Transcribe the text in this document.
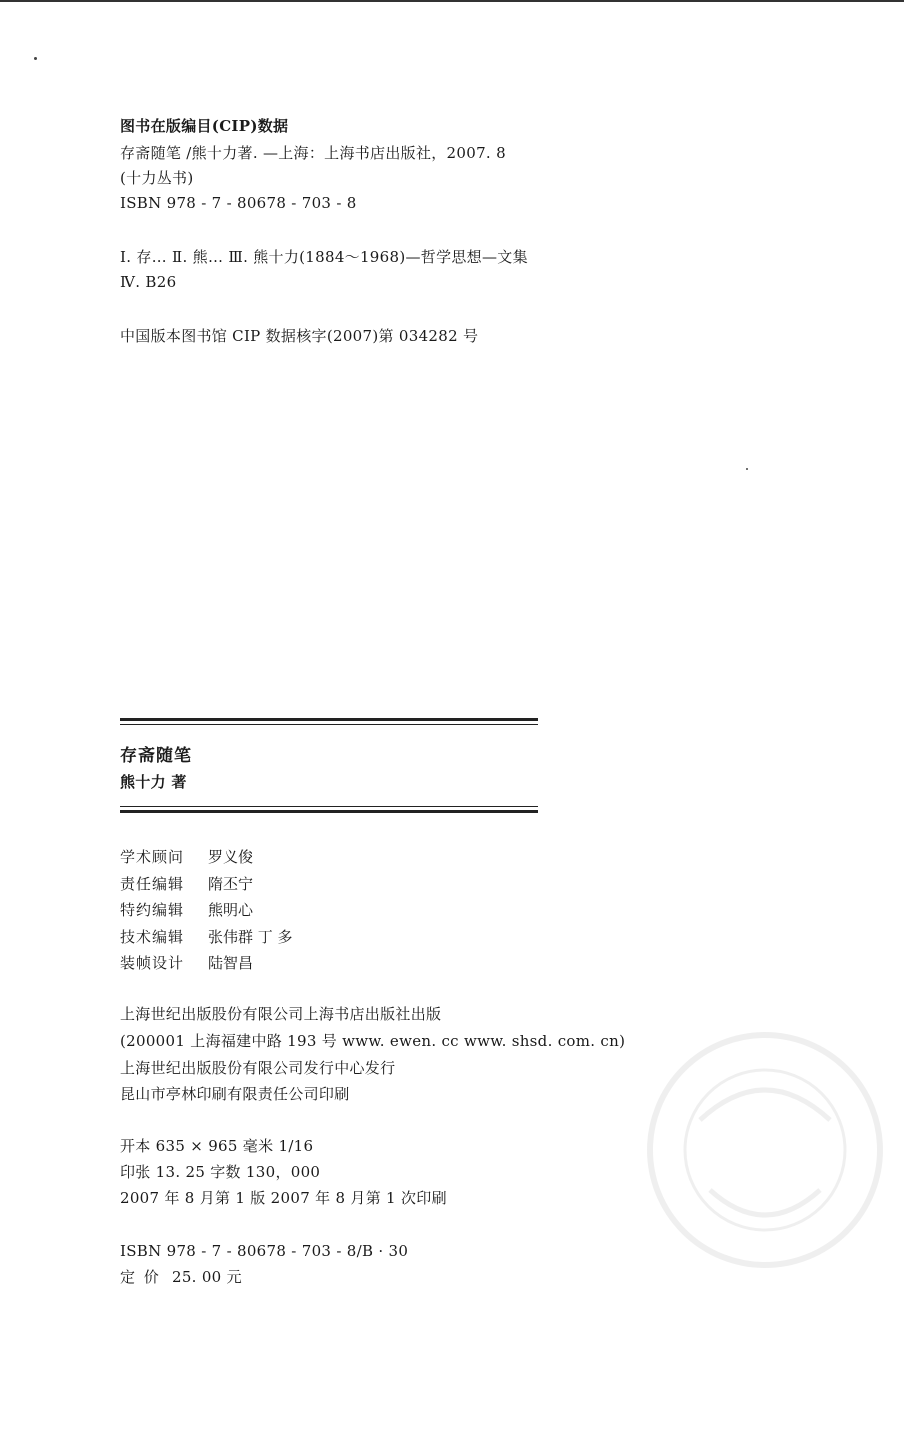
图书在版编目(CIP)数据
存斋随笔 /熊十力著. —上海：上海书店出版社，2007. 8
(十力丛书)
ISBN 978 - 7 - 80678 - 703 - 8
Ⅰ. 存… Ⅱ. 熊… Ⅲ. 熊十力(1884～1968)—哲学思想—文集
Ⅳ. B26
中国版本图书馆 CIP 数据核字(2007)第 034282 号
存斋随笔
熊十力 著
学术顾问 罗义俊
责任编辑 隋丕宁
特约编辑 熊明心
技术编辑 张伟群 丁 多
装帧设计 陆智昌
上海世纪出版股份有限公司上海书店出版社出版
(200001 上海福建中路 193 号 www. ewen. cc www. shsd. com. cn)
上海世纪出版股份有限公司发行中心发行
昆山市亭林印刷有限责任公司印刷
开本 635 × 965 毫米 1/16
印张 13. 25 字数 130，000
2007 年 8 月第 1 版 2007 年 8 月第 1 次印刷
ISBN 978 - 7 - 80678 - 703 - 8/B · 30
定 价 25. 00 元
